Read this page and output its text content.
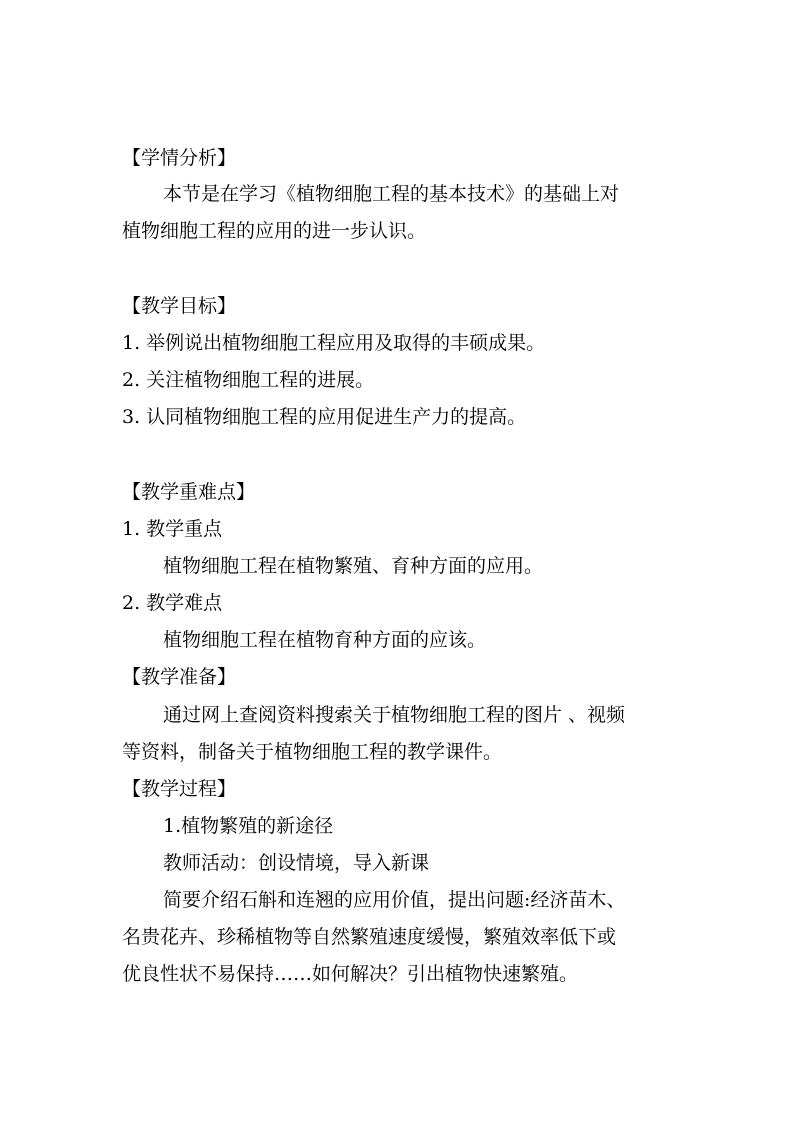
【学情分析】
本节是在学习《植物细胞工程的基本技术》的基础上对
植物细胞工程的应用的进一步认识。
【教学目标】
1. 举例说出植物细胞工程应用及取得的丰硕成果。
2. 关注植物细胞工程的进展。
3. 认同植物细胞工程的应用促进生产力的提高。
【教学重难点】
1. 教学重点
植物细胞工程在植物繁殖、育种方面的应用。
2. 教学难点
植物细胞工程在植物育种方面的应该。
【教学准备】
通过网上查阅资料搜索关于植物细胞工程的图片 、视频
等资料，制备关于植物细胞工程的教学课件。
【教学过程】
1.植物繁殖的新途径
教师活动：创设情境，导入新课
简要介绍石斛和连翘的应用价值，提出问题:经济苗木、
名贵花卉、珍稀植物等自然繁殖速度缓慢，繁殖效率低下或
优良性状不易保持……如何解决？引出植物快速繁殖。
